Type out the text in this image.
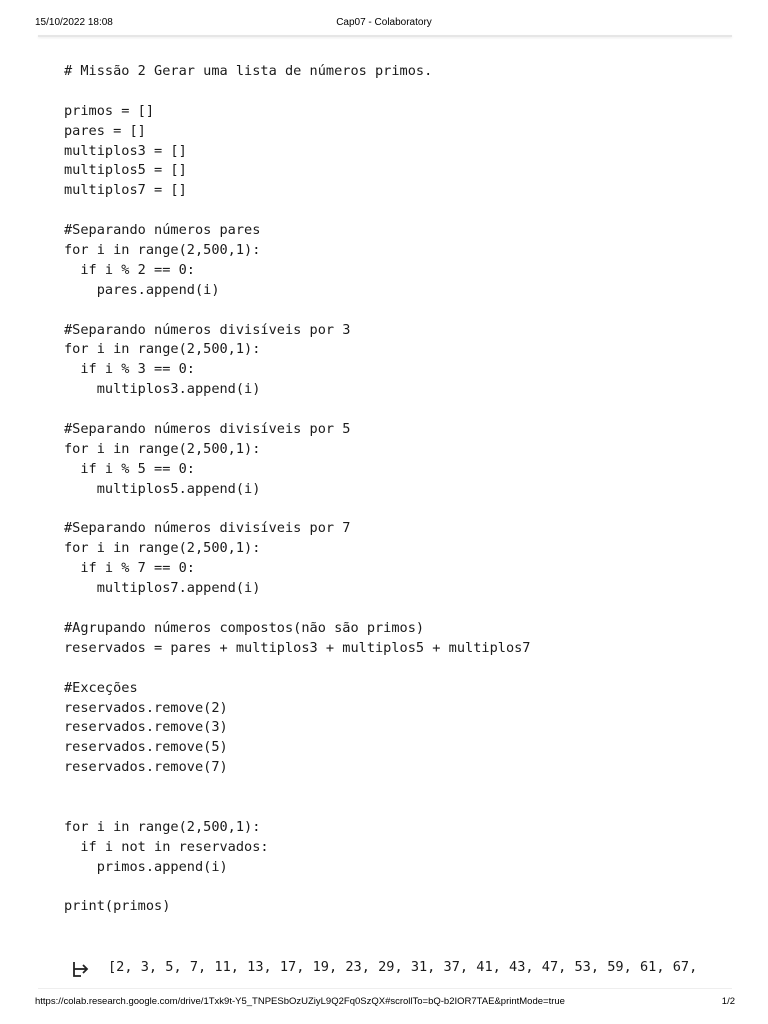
15/10/2022 18:08	Cap07 - Colaboratory
# Missão 2 Gerar uma lista de números primos.
primos = []
pares = []
multiplos3 = []
multiplos5 = []
multiplos7 = []
#Separando números pares
for i in range(2,500,1):
if i % 2 == 0:
pares.append(i)
#Separando números divisíveis por 3
for i in range(2,500,1):
if i % 3 == 0:
multiplos3.append(i)
#Separando números divisíveis por 5
for i in range(2,500,1):
if i % 5 == 0:
multiplos5.append(i)
#Separando números divisíveis por 7
for i in range(2,500,1):
if i % 7 == 0:
multiplos7.append(i)
#Agrupando números compostos(não são primos)
reservados = pares + multiplos3 + multiplos5 + multiplos7
#Exceções
reservados.remove(2)
reservados.remove(3)
reservados.remove(5)
reservados.remove(7)
for i in range(2,500,1):
if i not in reservados:
primos.append(i)
print(primos)
[2, 3, 5, 7, 11, 13, 17, 19, 23, 29, 31, 37, 41, 43, 47, 53, 59, 61, 67,
https://colab.research.google.com/drive/1Txk9t-Y5_TNPESbOzUZiyL9Q2Fq0SzQX#scrollTo=bQ-b2IOR7TAE&printMode=true	1/2
